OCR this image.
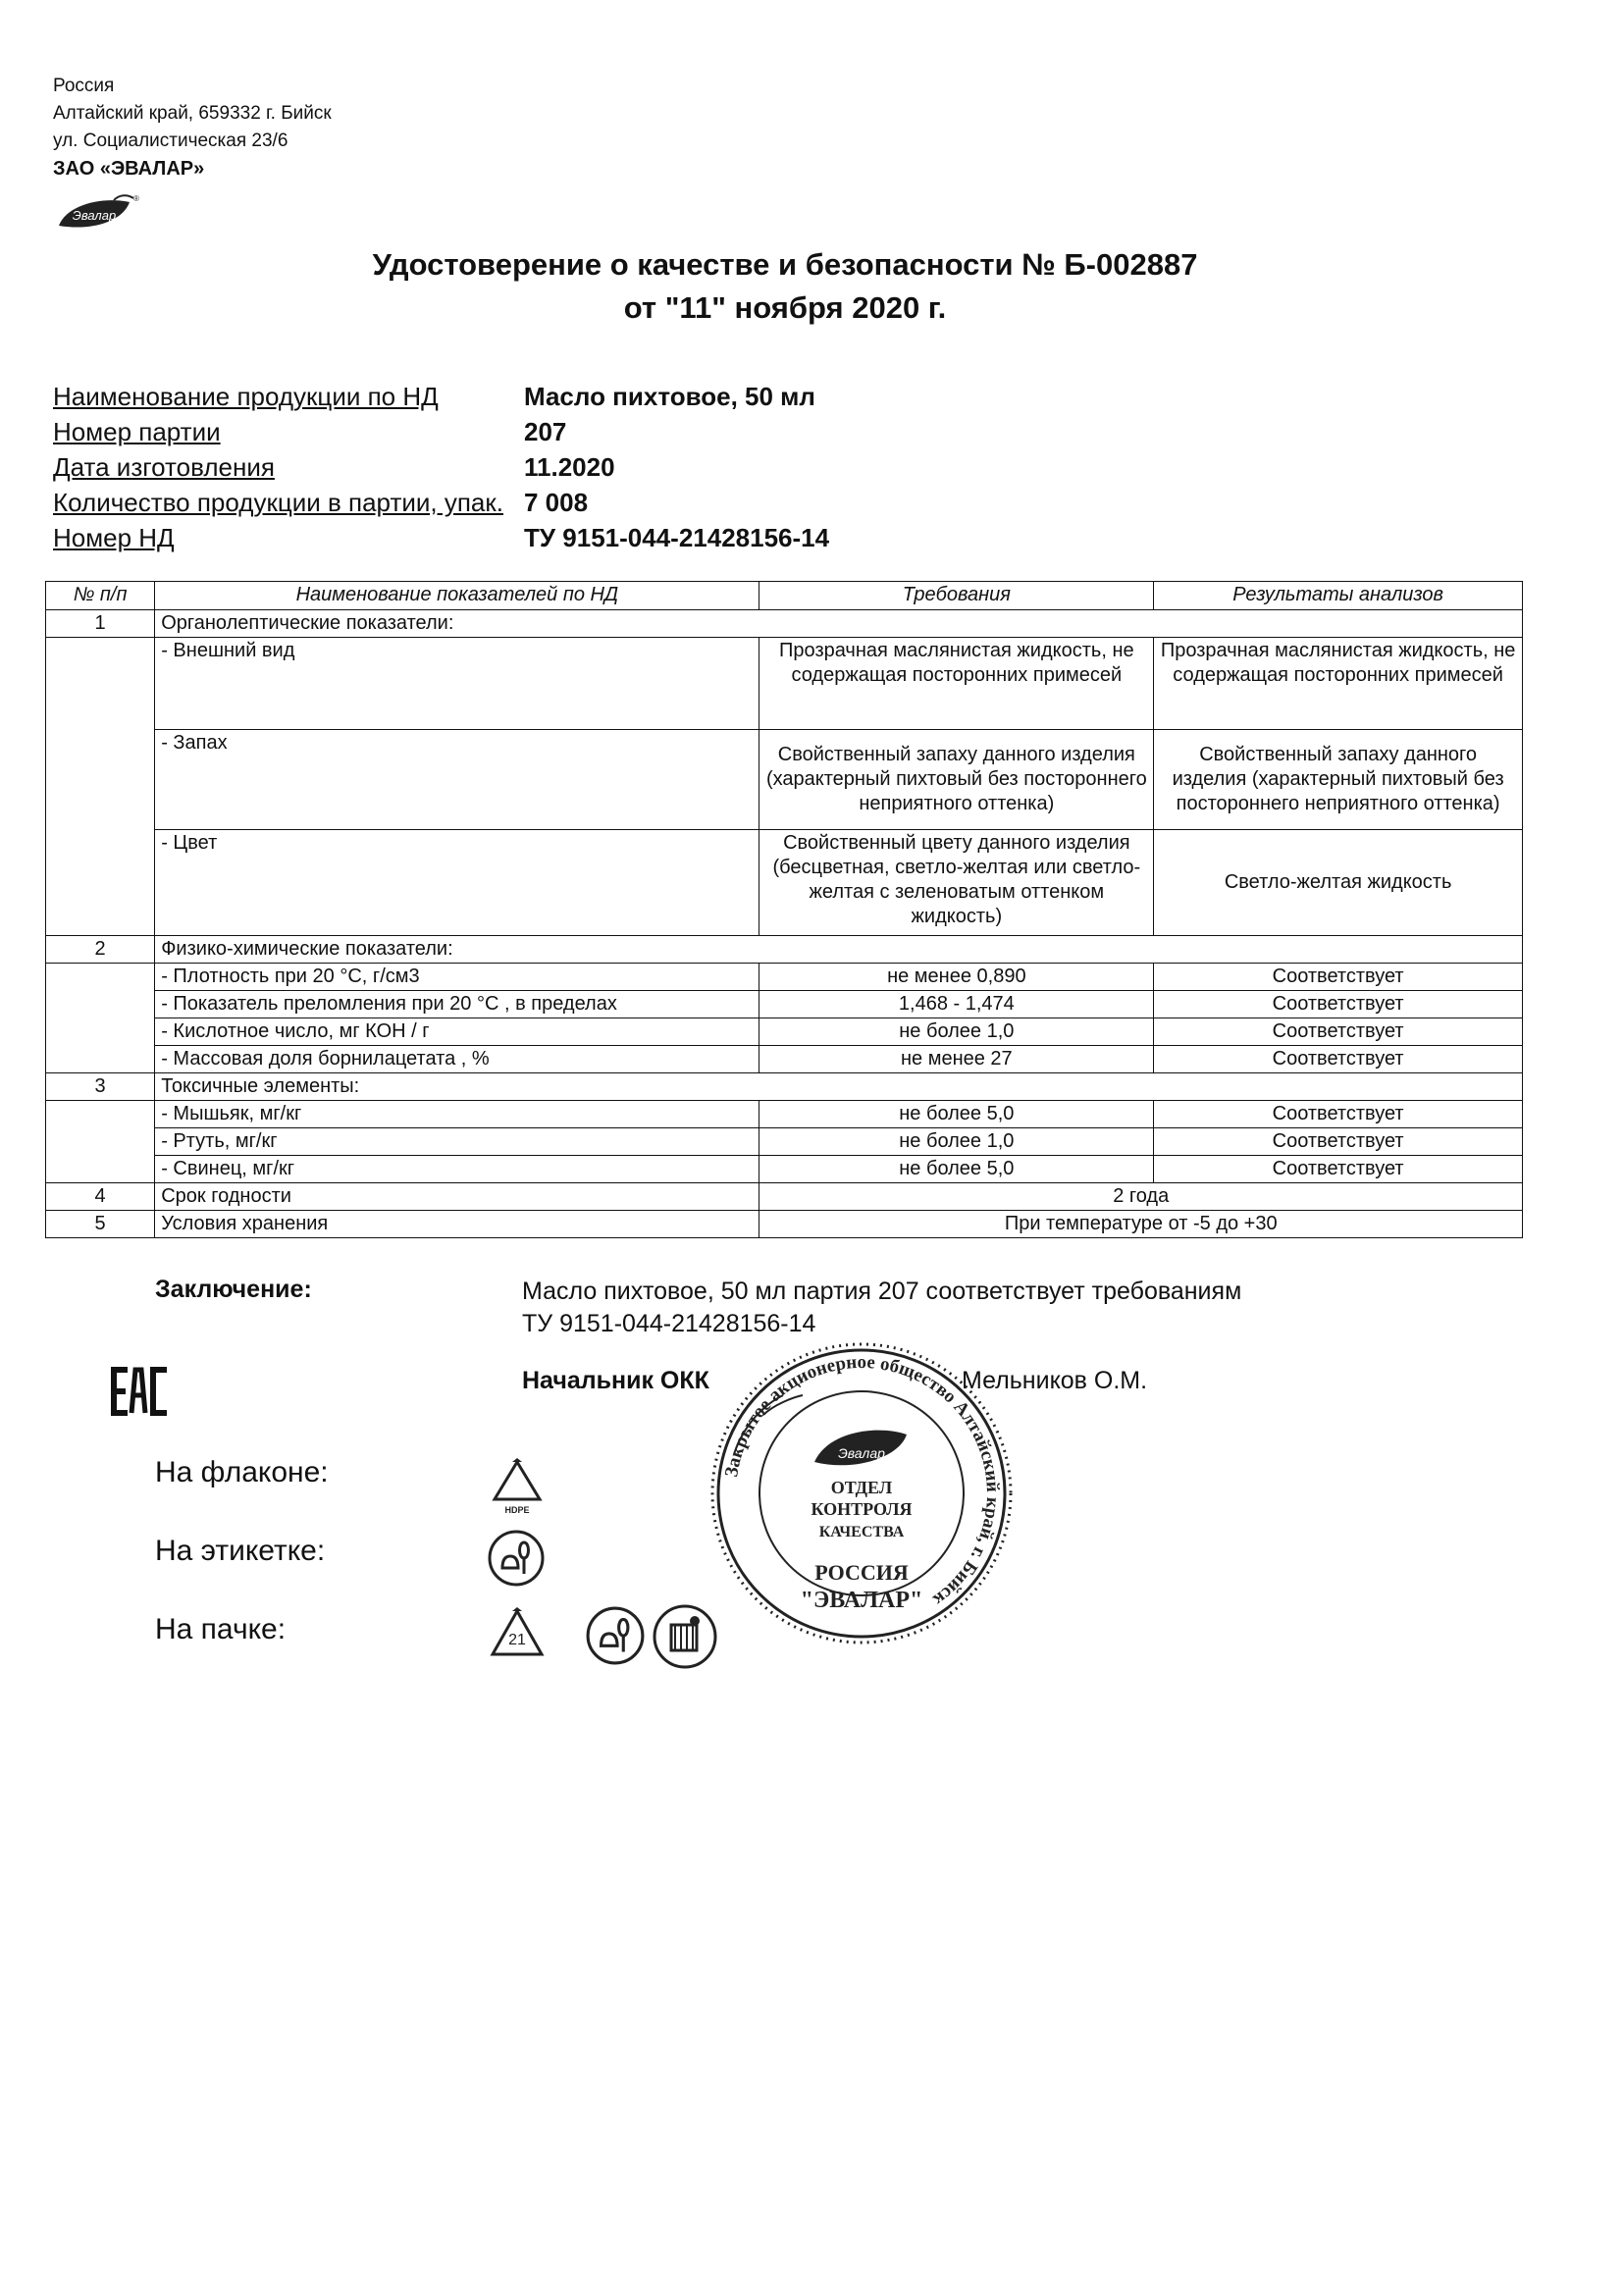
Россия
Алтайский край, 659332 г. Бийск
ул. Социалистическая 23/6
ЗАО «ЭВАЛАР»
Эвалар
®
Удостоверение о качестве и безопасности № Б-002887
от "11" ноября 2020 г.
Наименование продукции по НД	Масло пихтовое, 50 мл
Номер партии	207
Дата изготовления	11.2020
Количество продукции в партии, упак. 7 008
Номер НД	ТУ 9151-044-21428156-14
№ п/п	Наименование показателей по НД	Требования	Результаты анализов
1	Органолептические показатели:		
	- Внешний вид	Прозрачная маслянистая жидкость, не содержащая посторонних примесей	Прозрачная маслянистая жидкость, не содержащая посторонних примесей
	- Запах	Свойственный запаху данного изделия (характерный пихтовый без постороннего неприятного оттенка)	Свойственный запаху данного изделия (характерный пихтовый без постороннего неприятного оттенка)
	- Цвет	Свойственный цвету данного изделия (бесцветная, светло-желтая или светло-желтая с зеленоватым оттенком жидкость)	Светло-желтая жидкость
2	Физико-химические показатели:		
	- Плотность при 20 °С, г/см3	не менее 0,890	Соответствует
	- Показатель преломления при 20 °С , в пределах	1,468 - 1,474	Соответствует
	- Кислотное число, мг КОН / г	не более 1,0	Соответствует
	- Массовая доля борнилацетата , %	не менее 27	Соответствует
3	Токсичные элементы:		
	- Мышьяк, мг/кг	не более 5,0	Соответствует
	- Ртуть, мг/кг	не более 1,0	Соответствует
	- Свинец, мг/кг	не более 5,0	Соответствует
4	Срок годности	2 года	
5	Условия хранения	При температуре от -5 до +30	
Заключение:	Масло пихтовое, 50 мл партия 207 соответствует требованиям
ТУ 9151-044-21428156-14
Начальник ОКК	Мельников О.М.
На флаконе:
На этикетке:
На пачке:
HDPE
21
Закрытое акционерное общество Алтайский край, г. Бийск
Эвалар
ОТДЕЛ
КОНТРОЛЯ
КАЧЕСТВА
РОССИЯ
"ЭВАЛАР"
